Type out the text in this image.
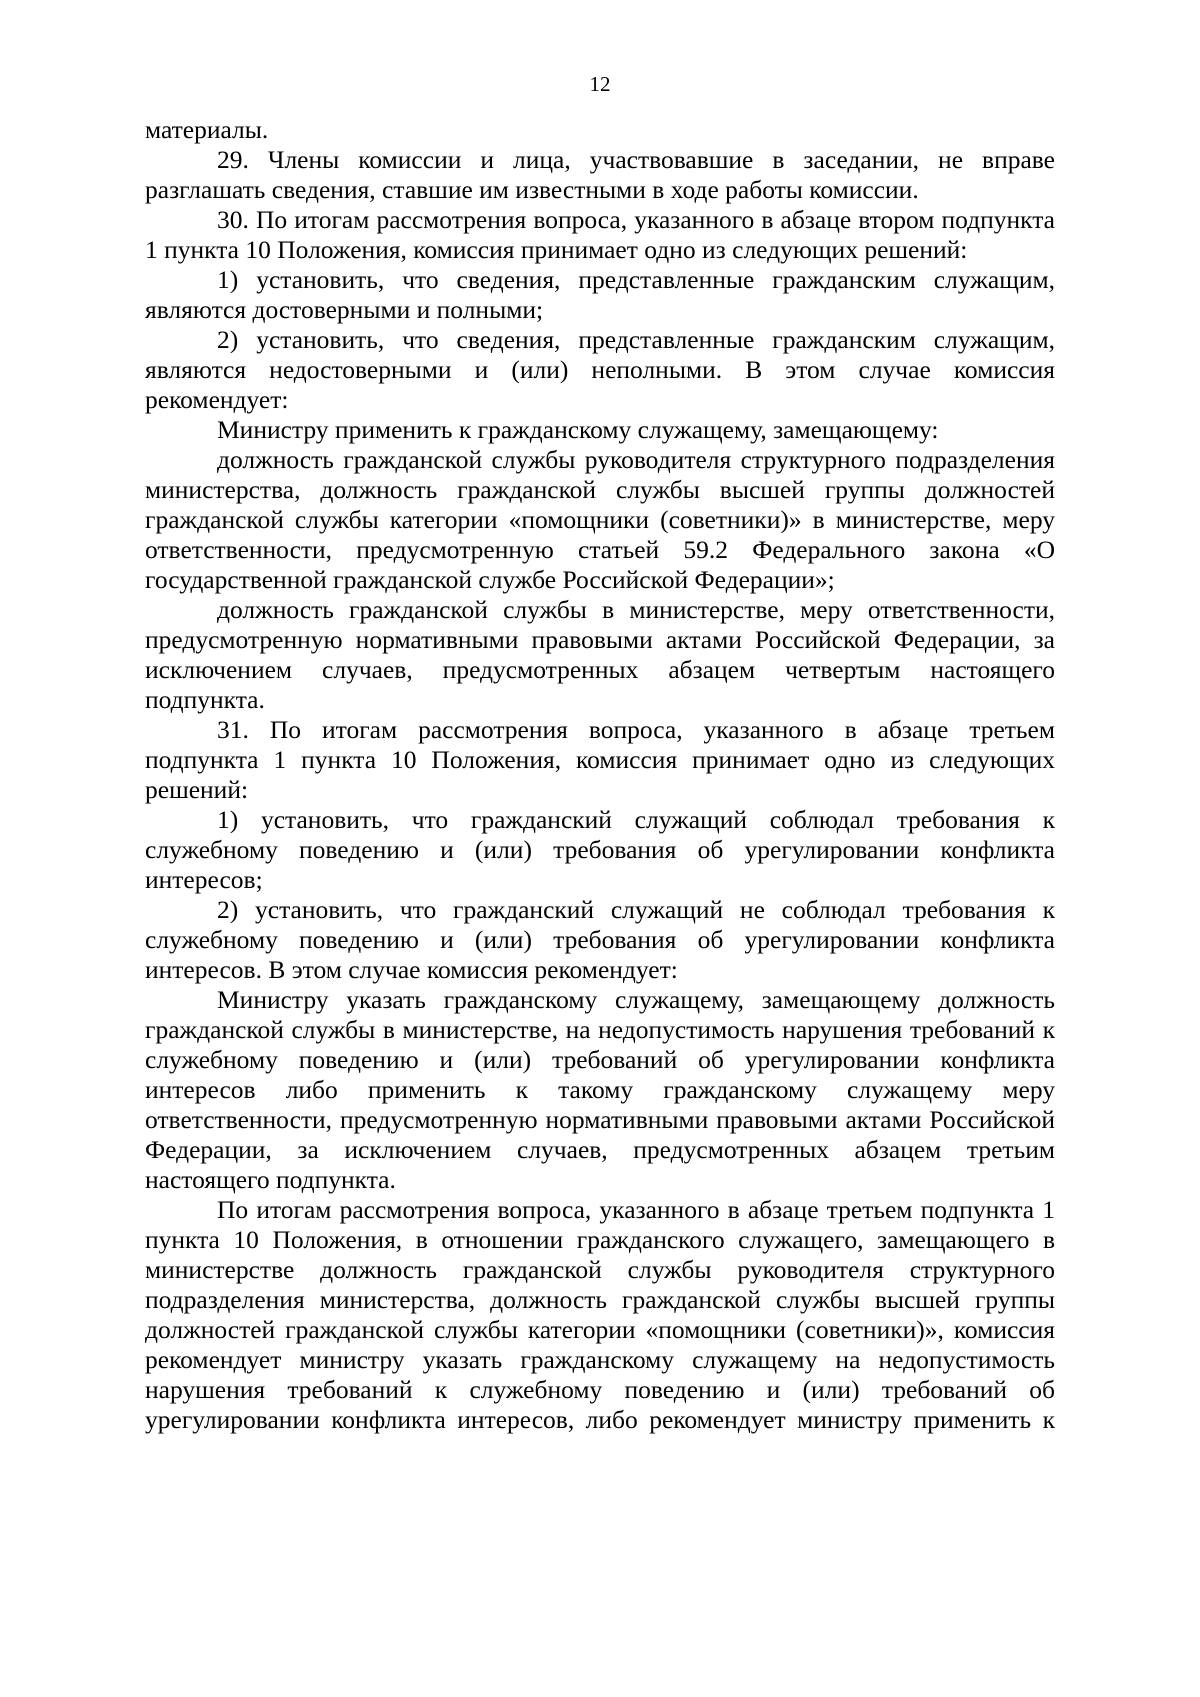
12

материалы.

29. Члены комиссии и лица, участвовавшие в заседании, не вправе разглашать сведения, ставшие им известными в ходе работы комиссии.

30. По итогам рассмотрения вопроса, указанного в абзаце втором подпункта 1 пункта 10 Положения, комиссия принимает одно из следующих решений:

1) установить, что сведения, представленные гражданским служащим, являются достоверными и полными;

2) установить, что сведения, представленные гражданским служащим, являются недостоверными и (или) неполными. В этом случае комиссия рекомендует:

Министру применить к гражданскому служащему, замещающему:

должность гражданской службы руководителя структурного подразделения министерства, должность гражданской службы высшей группы должностей гражданской службы категории «помощники (советники)» в министерстве, меру ответственности, предусмотренную статьей 59.2 Федерального закона «О государственной гражданской службе Российской Федерации»;

должность гражданской службы в министерстве, меру ответственности, предусмотренную нормативными правовыми актами Российской Федерации, за исключением случаев, предусмотренных абзацем четвертым настоящего подпункта.

31. По итогам рассмотрения вопроса, указанного в абзаце третьем подпункта 1 пункта 10 Положения, комиссия принимает одно из следующих решений:

1) установить, что гражданский служащий соблюдал требования к служебному поведению и (или) требования об урегулировании конфликта интересов;

2) установить, что гражданский служащий не соблюдал требования к служебному поведению и (или) требования об урегулировании конфликта интересов. В этом случае комиссия рекомендует:

Министру указать гражданскому служащему, замещающему должность гражданской службы в министерстве, на недопустимость нарушения требований к служебному поведению и (или) требований об урегулировании конфликта интересов либо применить к такому гражданскому служащему меру ответственности, предусмотренную нормативными правовыми актами Российской Федерации, за исключением случаев, предусмотренных абзацем третьим настоящего подпункта.

По итогам рассмотрения вопроса, указанного в абзаце третьем подпункта 1 пункта 10 Положения, в отношении гражданского служащего, замещающего в министерстве должность гражданской службы руководителя структурного подразделения министерства, должность гражданской службы высшей группы должностей гражданской службы категории «помощники (советники)», комиссия рекомендует министру указать гражданскому служащему на недопустимость нарушения требований к служебному поведению и (или) требований об урегулировании конфликта интересов, либо рекомендует министру применить к
